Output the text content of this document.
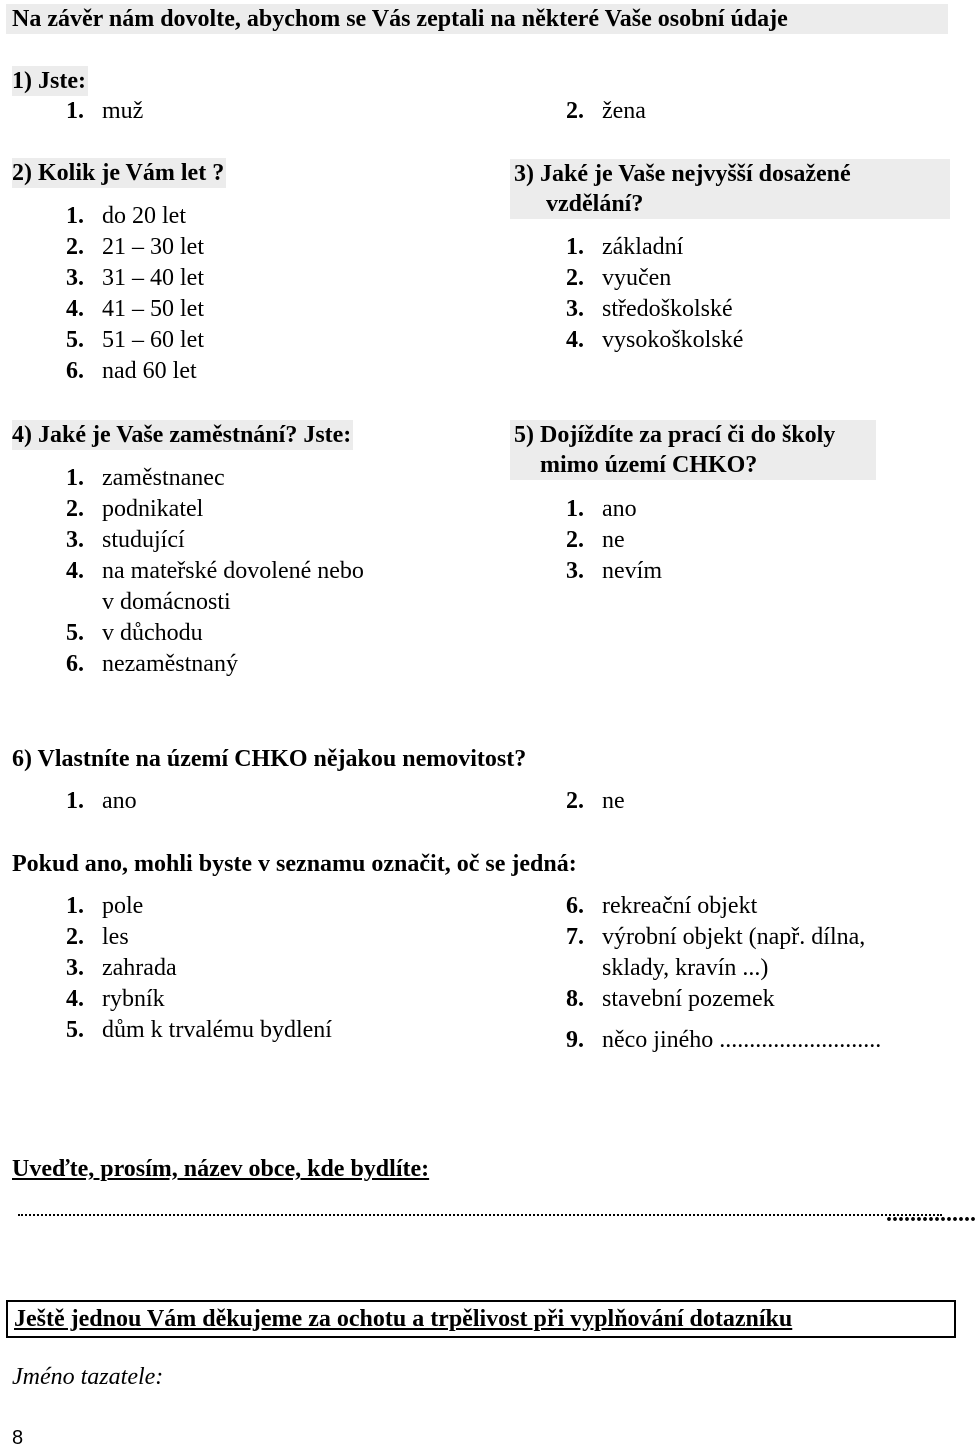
Na závěr nám dovolte, abychom se Vás zeptali na některé Vaše osobní údaje
1) Jste:
1. muž	2. žena
2) Kolik je Vám let ?
1. do 20 let
2. 21 – 30 let
3. 31 – 40 let
4. 41 – 50 let
5. 51 – 60 let
6. nad 60 let
3) Jaké je Vaše nejvyšší dosažené
vzdělání?
1. základní
2. vyučen
3. středoškolské
4. vysokoškolské
4) Jaké je Vaše zaměstnání? Jste:
1. zaměstnanec
2. podnikatel
3. studující
4. na mateřské dovolené nebo
v domácnosti
5. v důchodu
6. nezaměstnaný
5) Dojíždíte za prací či do školy
mimo území CHKO?
1. ano
2. ne
3. nevím
6) Vlastníte na území CHKO nějakou nemovitost?
1. ano	2. ne
Pokud ano, mohli byste v seznamu označit, oč se jedná:
1. pole
2. les
3. zahrada
4. rybník
5. dům k trvalému bydlení
6. rekreační objekt
7. výrobní objekt (např. dílna,
sklady, kravín ...)
8. stavební pozemek
9. něco jiného ...........................
Uveďte, prosím, název obce, kde bydlíte:
...............
Ještě jednou Vám děkujeme za ochotu a trpělivost při vyplňování dotazníku
Jméno tazatele:
8
